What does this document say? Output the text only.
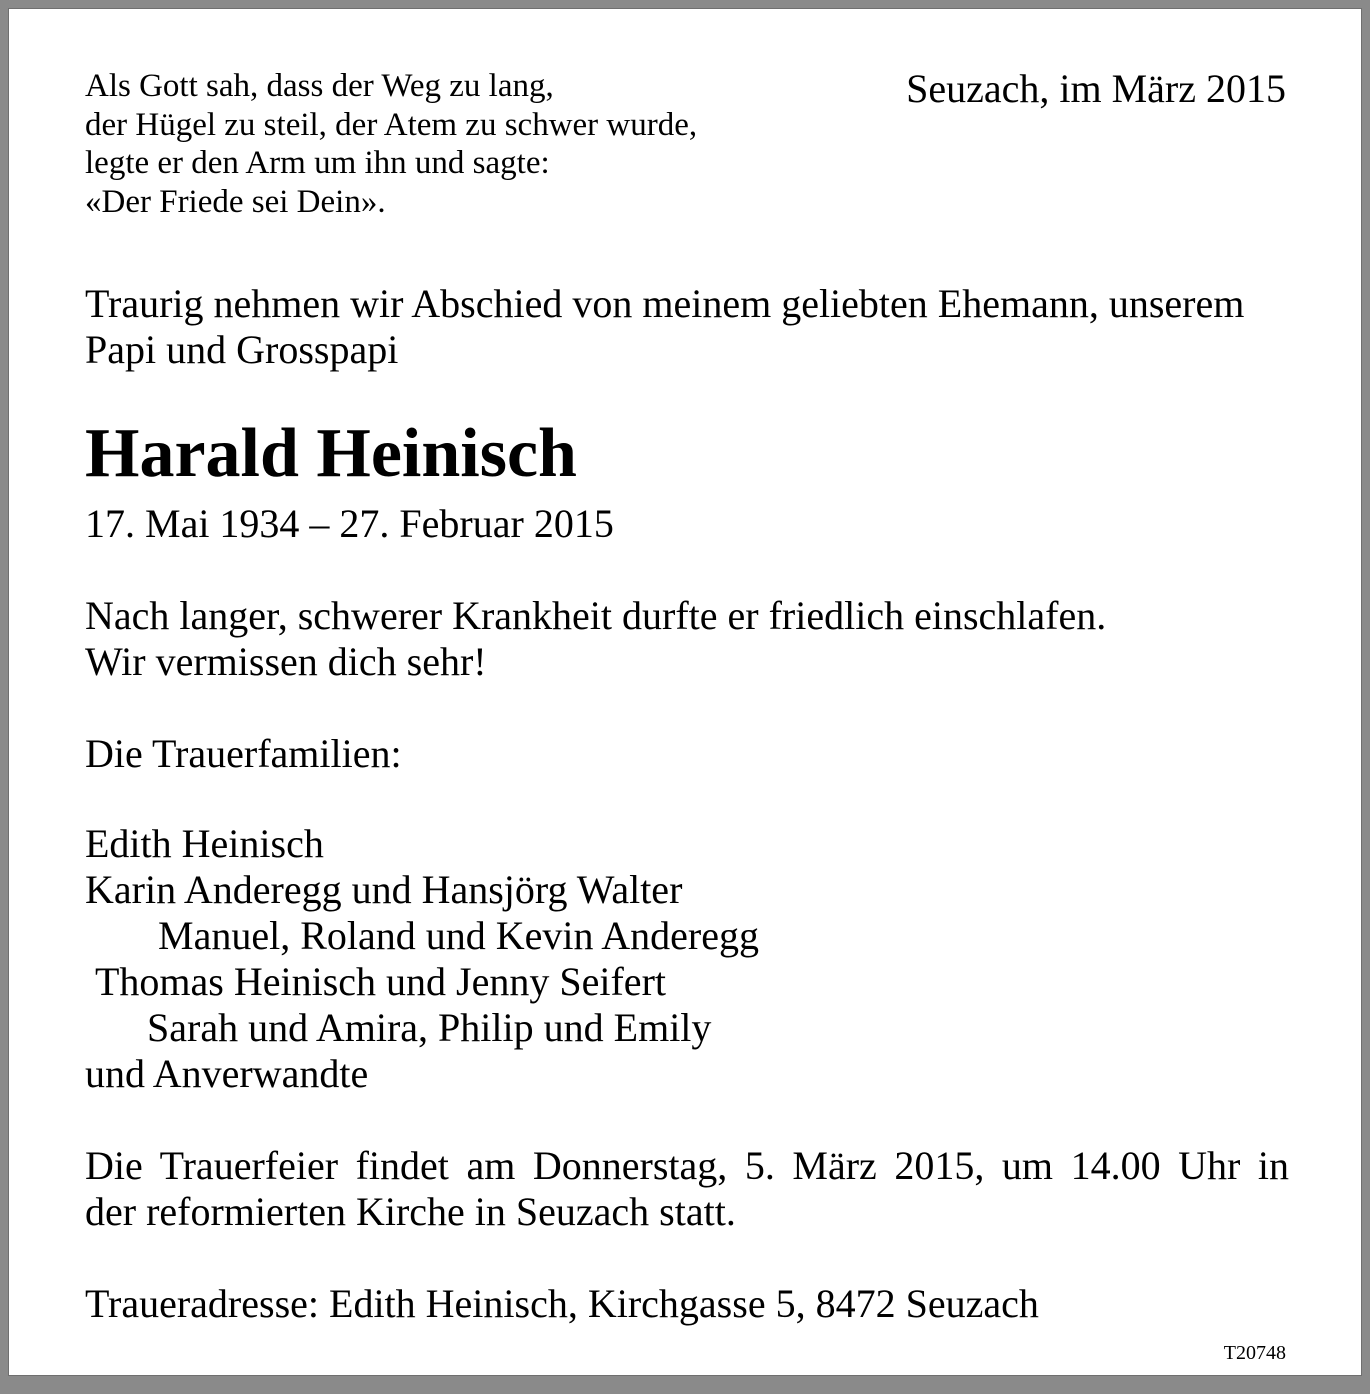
Als Gott sah, dass der Weg zu lang,
der Hügel zu steil, der Atem zu schwer wurde,
legte er den Arm um ihn und sagte:
«Der Friede sei Dein».
Seuzach, im März 2015
Traurig nehmen wir Abschied von meinem geliebten Ehemann, unserem Papi und Grosspapi
Harald Heinisch
17. Mai 1934 – 27. Februar 2015
Nach langer, schwerer Krankheit durfte er friedlich einschlafen.
Wir vermissen dich sehr!
Die Trauerfamilien:
Edith Heinisch
Karin Anderegg und Hansjörg Walter
Manuel, Roland und Kevin Anderegg
Thomas Heinisch und Jenny Seifert
Sarah und Amira, Philip und Emily
und Anverwandte
Die Trauerfeier findet am Donnerstag, 5. März 2015, um 14.00 Uhr in
der reformierten Kirche in Seuzach statt.
Traueradresse: Edith Heinisch, Kirchgasse 5, 8472 Seuzach
T20748
